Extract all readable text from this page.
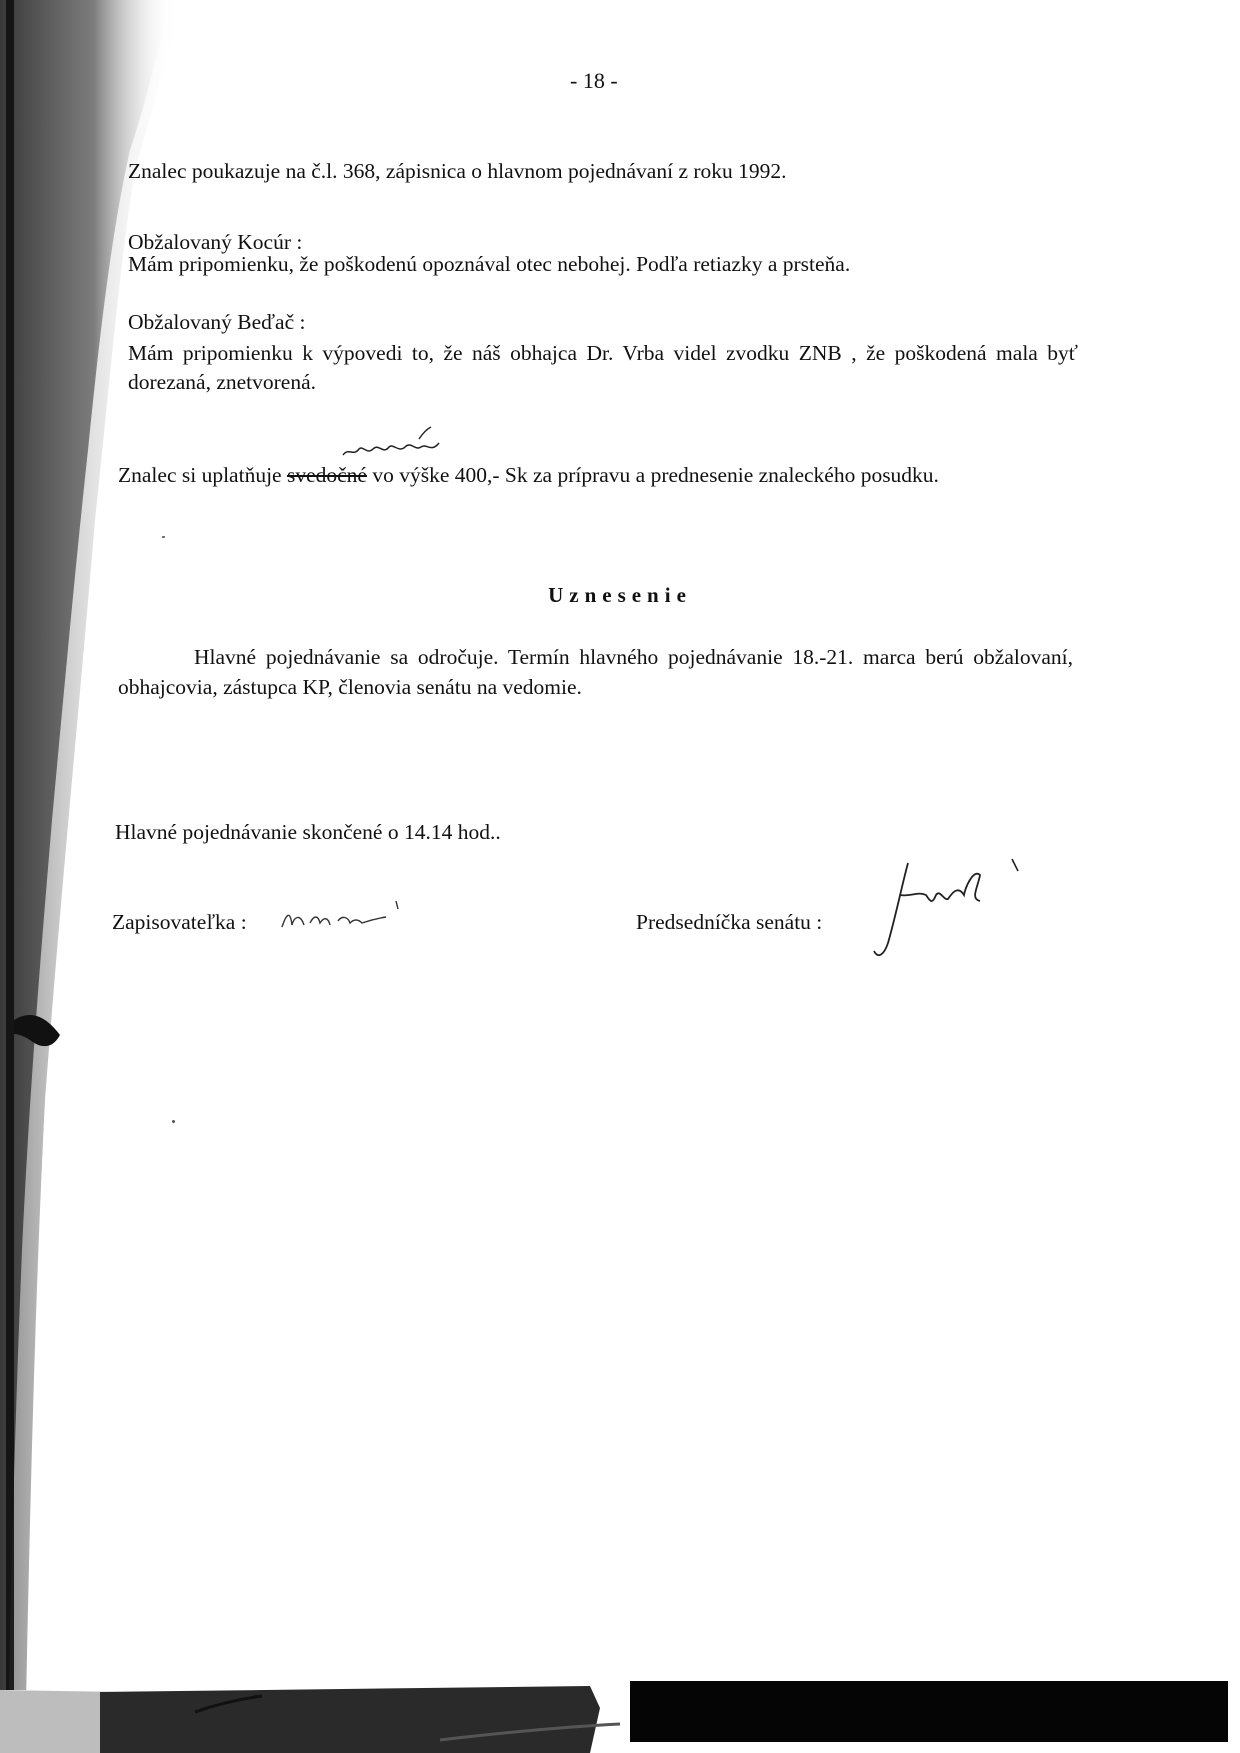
- 18 -
Znalec poukazuje na č.l. 368, zápisnica o hlavnom pojednávaní z roku 1992.
Obžalovaný Kocúr :
Mám pripomienku, že poškodenú opoznával otec nebohej. Podľa retiazky a prsteňa.
Obžalovaný Beďač :
Mám pripomienku k výpovedi to, že náš obhajca Dr. Vrba videl zvodku ZNB , že poškodená mala byť dorezaná, znetvorená.
Znalec si uplatňuje svedočné vo výške 400,- Sk za prípravu a prednesenie znaleckého posudku.
Uznesenie
Hlavné pojednávanie sa odročuje. Termín hlavného pojednávanie 18.-21. marca berú obžalovaní, obhajcovia, zástupca KP, členovia senátu na vedomie.
Hlavné pojednávanie skončené o 14.14 hod..
Zapisovateľka :	Predsedníčka senátu :
